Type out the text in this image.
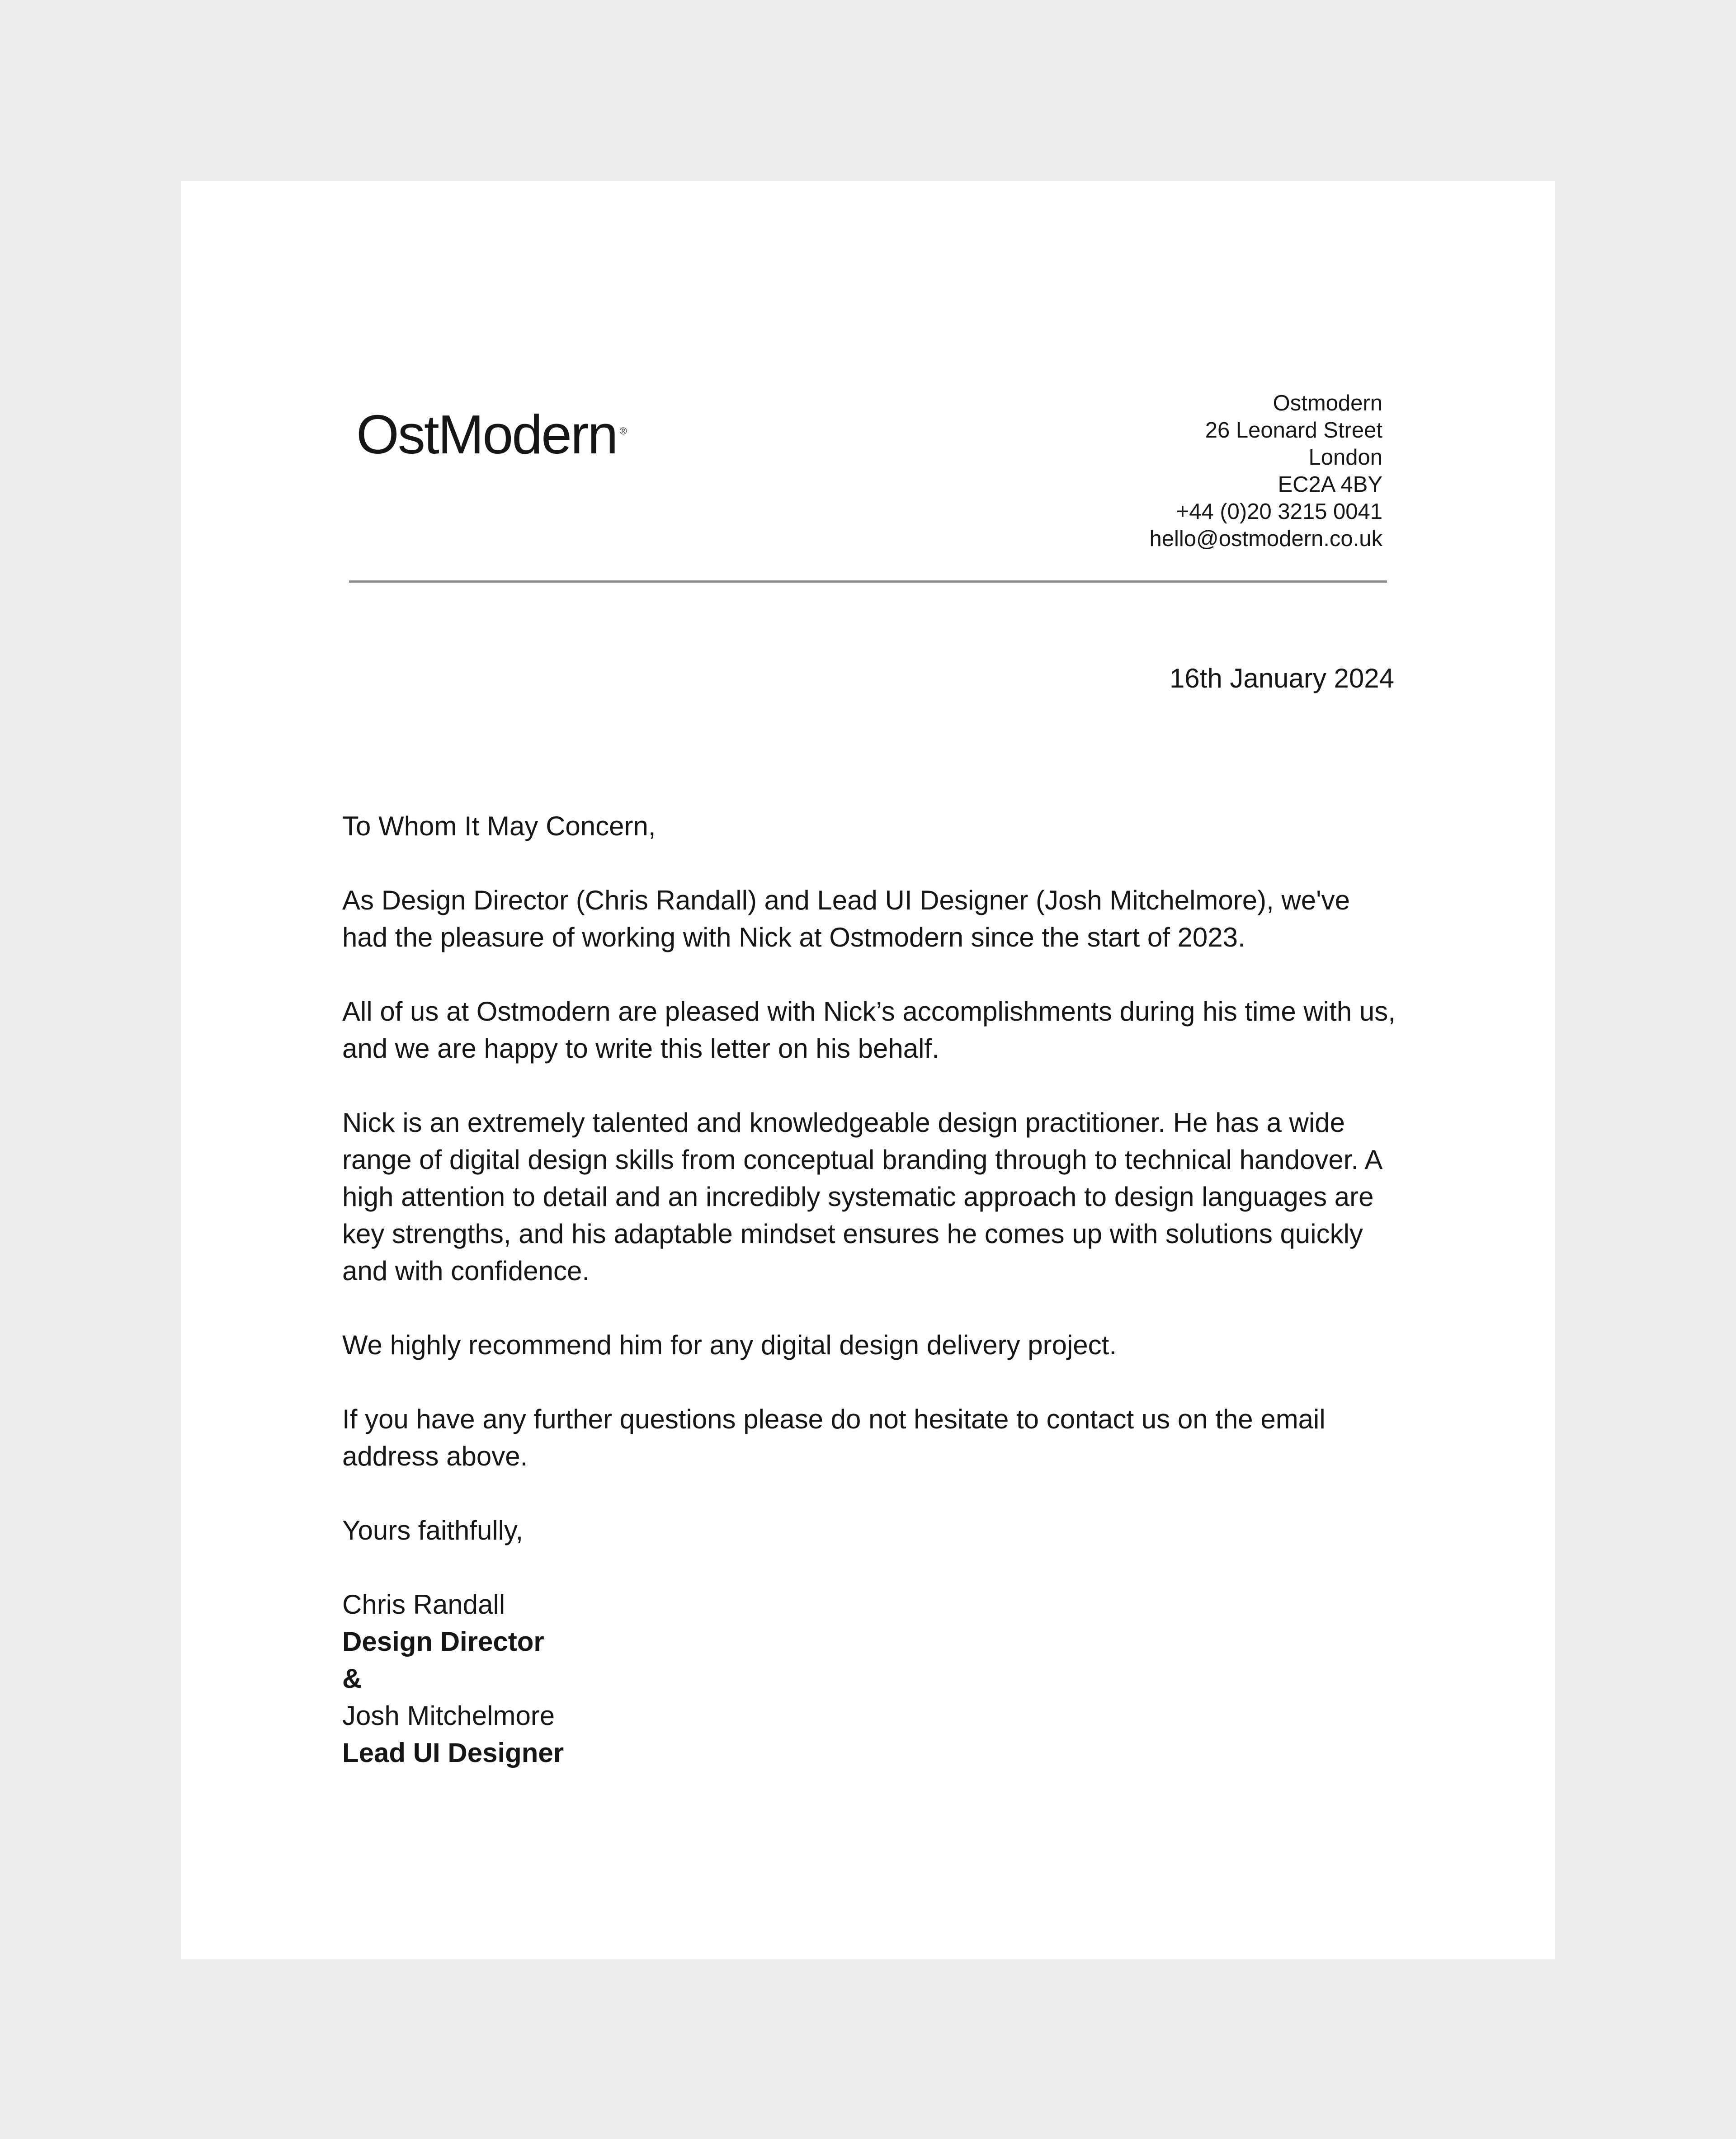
OstModern ®
Ostmodern
26 Leonard Street
London
EC2A 4BY
+44 (0)20 3215 0041
hello@ostmodern.co.uk
16th January 2024

To Whom It May Concern,

As Design Director (Chris Randall) and Lead UI Designer (Josh Mitchelmore), we've had the pleasure of working with Nick at Ostmodern since the start of 2023.

All of us at Ostmodern are pleased with Nick’s accomplishments during his time with us, and we are happy to write this letter on his behalf.

Nick is an extremely talented and knowledgeable design practitioner. He has a wide range of digital design skills from conceptual branding through to technical handover. A high attention to detail and an incredibly systematic approach to design languages are key strengths, and his adaptable mindset ensures he comes up with solutions quickly and with confidence.

We highly recommend him for any digital design delivery project.

If you have any further questions please do not hesitate to contact us on the email address above.

Yours faithfully,

Chris Randall
Design Director
&
Josh Mitchelmore
Lead UI Designer
